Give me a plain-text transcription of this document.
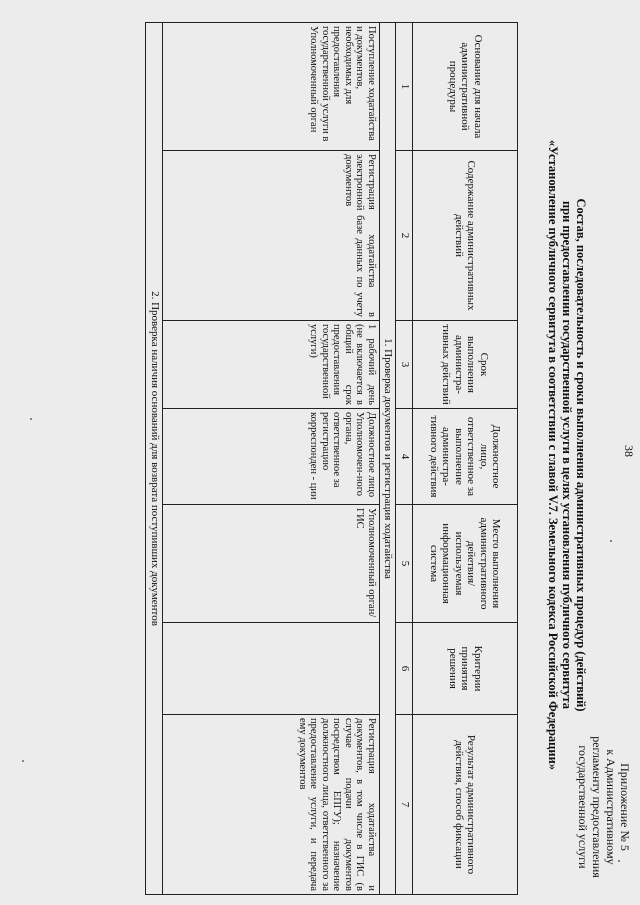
38
Приложение № 5
к Административному
регламенту предоставления
государственной услуги
Состав, последовательность и сроки выполнения административных процедур (действий)
при предоставлении государственной услуги в целях установления публичного сервитута
«Установление публичного сервитута в соответствии с главой V.7. Земельного кодекса Российской Федерации»
Основание для начала административной процедуры	Содержание административных действий	Срок выполнения администра-тивных действий	Должностное лицо, ответственное за выполнение администра-тивного действия	Место выполнения административного действия/ используемая информационная система	Критерии принятия решения	Результат административного действия, способ фиксации
1	2	3	4	5	6	7
1. Проверка документов и регистрация ходатайства						
Поступление ходатайства и документов, необходимых для предоставления государственной услуги в Уполномоченный орган	Регистрация ходатайства в электронной базе данных по учету документов	1 рабочий день (не включается в общий срок предоставления государственной услуги)	Должностное лицо Уполномочен-ного органа, ответственное за регистрацию корреспонден - ции	Уполномоченный орган/ГИС		Регистрация ходатайства и документов, в том числе в ГИС (в случае подачи документов посредством ЕПГУ); назначение должностного лица, ответственного за предоставление услуги, и передача ему документов
2. Проверка наличия оснований для возврата поступивших документов						
